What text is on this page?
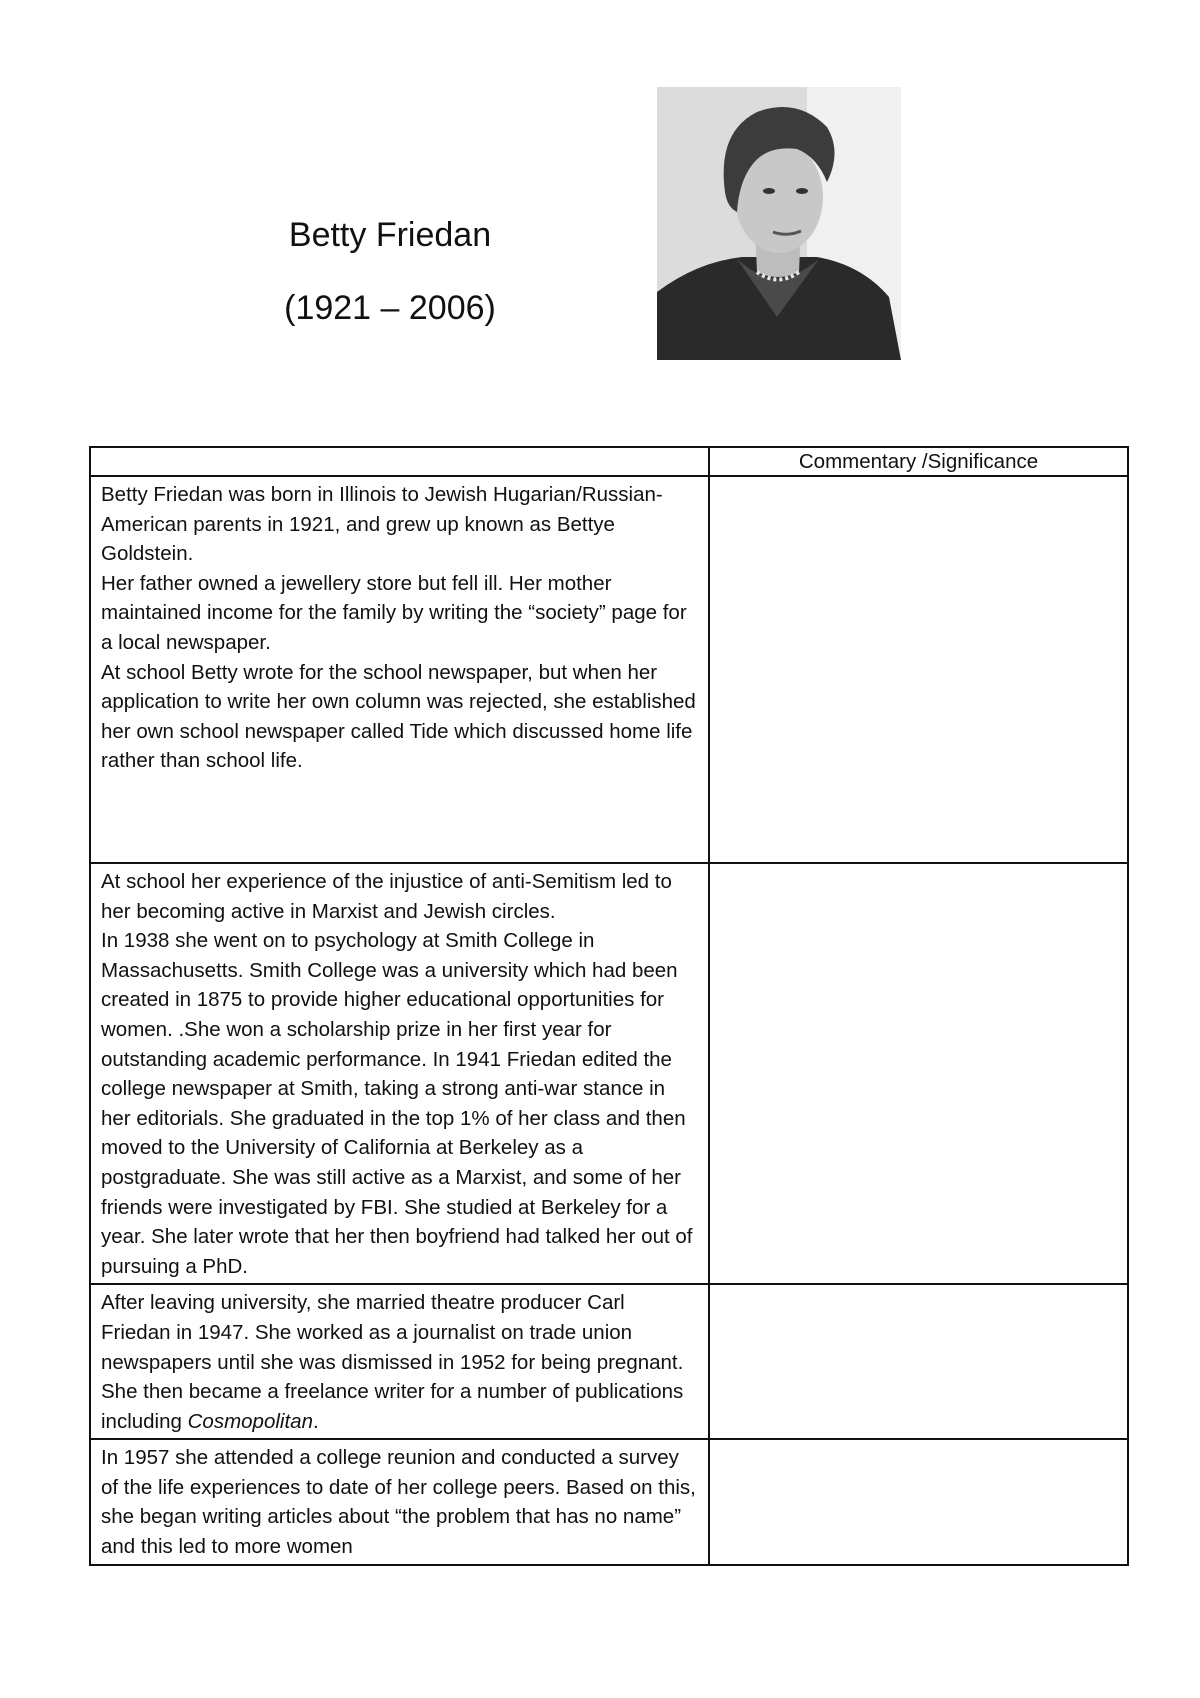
Betty Friedan
(1921 – 2006)
	Commentary /Significance

Betty Friedan was born in Illinois to Jewish Hugarian/Russian-American parents in 1921, and grew up known as Bettye Goldstein.
Her father owned a jewellery store but fell ill. Her mother maintained income for the family by writing the “society” page for a local newspaper.
At school Betty wrote for the school newspaper, but when her application to write her own column was rejected, she established her own school newspaper called Tide which discussed home life rather than school life.	

At school her experience of the injustice of anti-Semitism led to her becoming active in Marxist and Jewish circles.
In 1938 she went on to psychology at Smith College in Massachusetts. Smith College was a university which had been created in 1875 to provide higher educational opportunities for women. .She won a scholarship prize in her first year for outstanding academic performance. In 1941 Friedan edited the college newspaper at Smith, taking a strong anti-war stance in her editorials. She graduated in the top 1% of her class and then moved to the University of California at Berkeley as a postgraduate. She was still active as a Marxist, and some of her friends were investigated by FBI. She studied at Berkeley for a year. She later wrote that her then boyfriend had talked her out of pursuing a PhD.	

After leaving university, she married theatre producer Carl Friedan in 1947. She worked as a journalist on trade union newspapers until she was dismissed in 1952 for being pregnant. She then became a freelance writer for a number of publications including Cosmopolitan.	

In 1957 she attended a college reunion and conducted a survey of the life experiences to date of her college peers. Based on this, she began writing articles about “the problem that has no name” and this led to more women	
